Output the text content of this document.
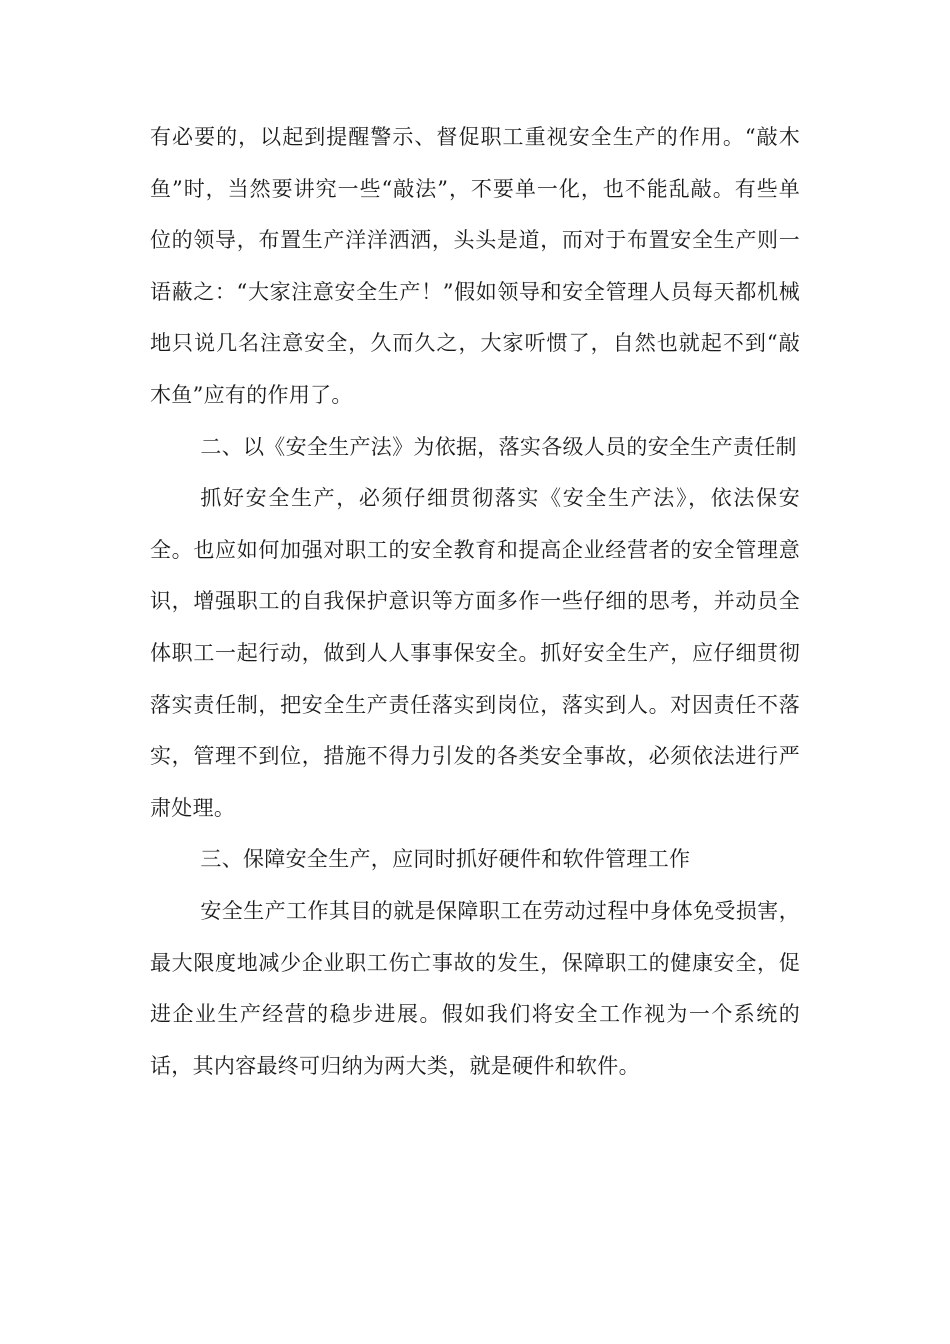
有必要的，以起到提醒警示、督促职工重视安全生产的作用。“敲木鱼”时，当然要讲究一些“敲法”，不要单一化，也不能乱敲。有些单位的领导，布置生产洋洋洒洒，头头是道，而对于布置安全生产则一语蔽之：“大家注意安全生产！”假如领导和安全管理人员每天都机械地只说几名注意安全，久而久之，大家听惯了，自然也就起不到“敲木鱼”应有的作用了。

二、以《安全生产法》为依据，落实各级人员的安全生产责任制

抓好安全生产，必须仔细贯彻落实《安全生产法》，依法保安全。也应如何加强对职工的安全教育和提高企业经营者的安全管理意识，增强职工的自我保护意识等方面多作一些仔细的思考，并动员全体职工一起行动，做到人人事事保安全。抓好安全生产，应仔细贯彻落实责任制，把安全生产责任落实到岗位，落实到人。对因责任不落实，管理不到位，措施不得力引发的各类安全事故，必须依法进行严肃处理。

三、保障安全生产，应同时抓好硬件和软件管理工作

安全生产工作其目的就是保障职工在劳动过程中身体免受损害，最大限度地减少企业职工伤亡事故的发生，保障职工的健康安全，促进企业生产经营的稳步进展。假如我们将安全工作视为一个系统的话，其内容最终可归纳为两大类，就是硬件和软件。
